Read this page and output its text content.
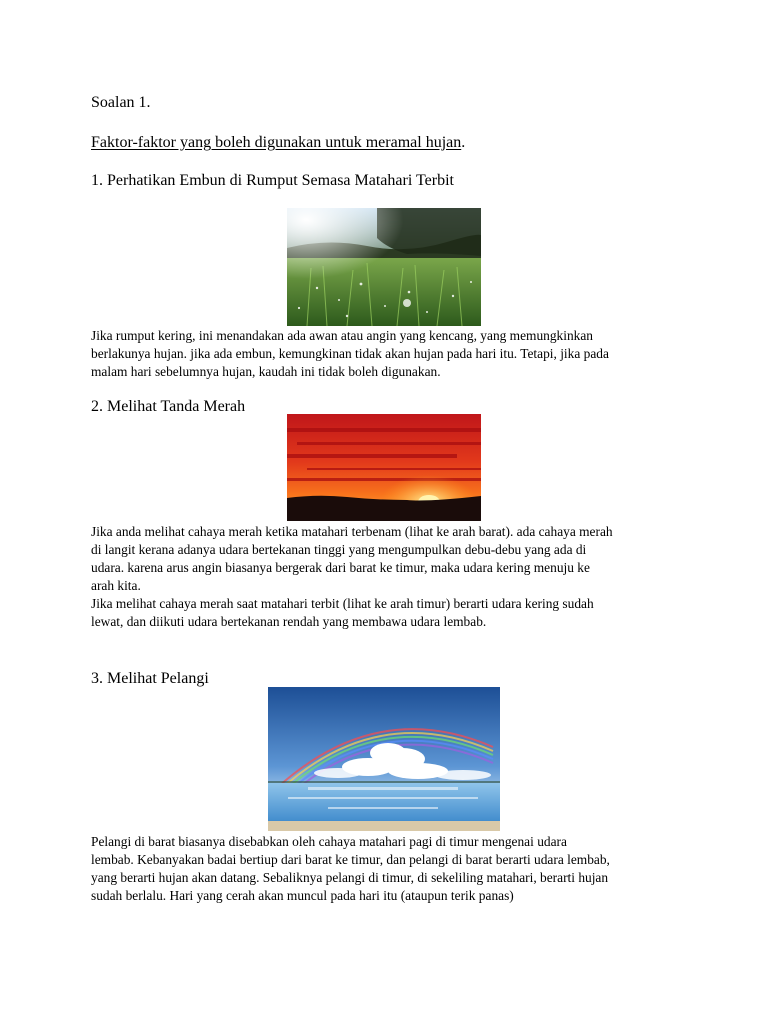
Soalan 1.

Faktor-faktor yang boleh digunakan untuk meramal hujan.

1. Perhatikan Embun di Rumput Semasa Matahari Terbit

Jika rumput kering, ini menandakan ada awan atau angin yang kencang, yang memungkinkan

berlakunya hujan. jika ada embun, kemungkinan tidak akan hujan pada hari itu. Tetapi, jika pada

malam hari sebelumnya hujan, kaudah ini tidak boleh digunakan.

2. Melihat Tanda Merah

Jika anda melihat cahaya merah ketika matahari terbenam (lihat ke arah barat). ada cahaya merah

di langit kerana adanya udara bertekanan tinggi yang mengumpulkan debu-debu yang ada di

udara. karena arus angin biasanya bergerak dari barat ke timur, maka udara kering menuju ke

arah kita.

Jika melihat cahaya merah saat matahari terbit (lihat ke arah timur) berarti udara kering sudah

lewat, dan diikuti udara bertekanan rendah yang membawa udara lembab.

3. Melihat Pelangi

Pelangi di barat biasanya disebabkan oleh cahaya matahari pagi di timur mengenai udara

lembab. Kebanyakan badai bertiup dari barat ke timur, dan pelangi di barat berarti udara lembab,

yang berarti hujan akan datang. Sebaliknya pelangi di timur, di sekeliling matahari, berarti hujan

sudah berlalu. Hari yang cerah akan muncul pada hari itu (ataupun terik panas)
